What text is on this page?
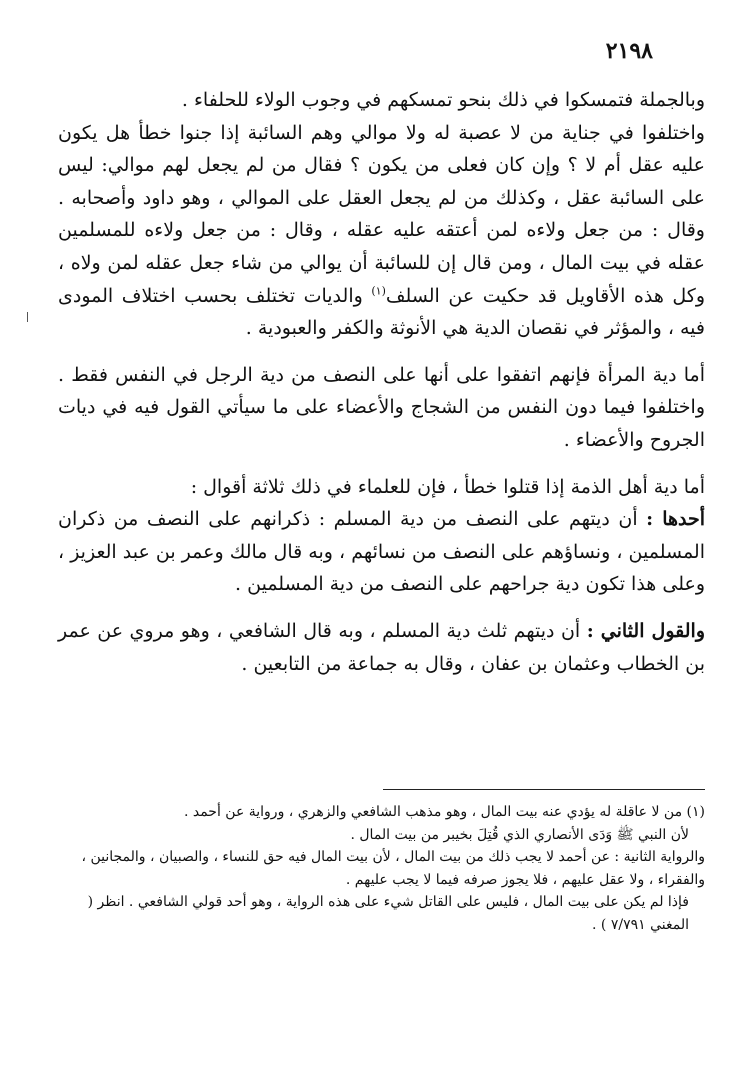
٢١٩٨

وبالجملة فتمسكوا في ذلك بنحو تمسكهم في وجوب الولاء للحلفاء .

واختلفوا في جناية من لا عصبة له ولا موالي وهم السائبة إذا جنوا خطأ هل يكون عليه عقل أم لا ؟ وإن كان فعلى من يكون ؟ فقال من لم يجعل لهم موالي: ليس على السائبة عقل ، وكذلك من لم يجعل العقل على الموالي ، وهو داود وأصحابه . وقال : من جعل ولاءه لمن أعتقه عليه عقله ، وقال : من جعل ولاءه للمسلمين عقله في بيت المال ، ومن قال إن للسائبة أن يوالي من شاء جعل عقله لمن ولاه ، وكل هذه الأقاويل قد حكيت عن السلف$^{(١)}$ والديات تختلف بحسب اختلاف المودى فيه ، والمؤثر في نقصان الدية هي الأنوثة والكفر والعبودية .

أما دية المرأة فإنهم اتفقوا على أنها على النصف من دية الرجل في النفس فقط . واختلفوا فيما دون النفس من الشجاج والأعضاء على ما سيأتي القول فيه في ديات الجروح والأعضاء .

أما دية أهل الذمة إذا قتلوا خطأ ، فإن للعلماء في ذلك ثلاثة أقوال :

أحدها : أن ديتهم على النصف من دية المسلم : ذكرانهم على النصف من ذكران المسلمين ، ونساؤهم على النصف من نسائهم ، وبه قال مالك وعمر بن عبد العزيز ، وعلى هذا تكون دية جراحهم على النصف من دية المسلمين .

والقول الثاني : أن ديتهم ثلث دية المسلم ، وبه قال الشافعي ، وهو مروي عن عمر بن الخطاب وعثمان بن عفان ، وقال به جماعة من التابعين .

(١) من لا عاقلة له يؤدي عنه بيت المال ، وهو مذهب الشافعي والزهري ، ورواية عن أحمد .

لأن النبي ﷺ وَدَى الأنصاري الذي قُتِلَ بخيبر من بيت المال .

والرواية الثانية : عن أحمد لا يجب ذلك من بيت المال ، لأن بيت المال فيه حق للنساء ، والصبيان ، والمجانين ، والفقراء ، ولا عقل عليهم ، فلا يجوز صرفه فيما لا يجب عليهم .

فإذا لم يكن على بيت المال ، فليس على القاتل شيء على هذه الرواية ، وهو أحد قولي الشافعي . انظر ( المغني ٧/٧٩١ ) .
